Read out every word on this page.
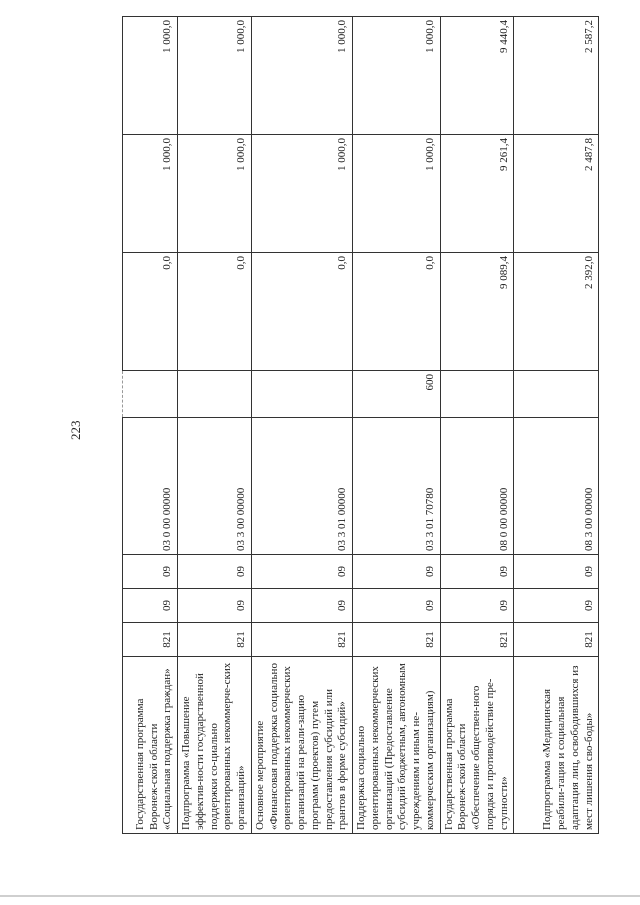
223
Государственная программа Воронеж-ской области «Социальная поддержка граждан»	821	09	09	03 0 00 00000		0,0	1 000,0	1 000,0
Подпрограмма «Повышение эффектив-ности государственной поддержки со-циально ориентированных некоммерче-ских организаций»	821	09	09	03 3 00 00000		0,0	1 000,0	1 000,0
Основное мероприятие «Финансовая поддержка социально ориентированных некоммерческих организаций на реали-зацию программ (проектов) путем предоставления субсидий или грантов в форме субсидий»	821	09	09	03 3 01 00000		0,0	1 000,0	1 000,0
Поддержка социально ориентированных некоммерческих организаций (Предоставление субсидий бюджетным, автономным учреждениям и иным не-коммерческим организациям)	821	09	09	03 3 01 70780	600	0,0	1 000,0	1 000,0
Государственная программа Воронеж-ской области «Обеспечение обществен-ного порядка и противодействие пре-ступности»	821	09	09	08 0 00 00000		9 089,4	9 261,4	9 440,4
Подпрограмма «Медицинская реабили-тация и социальная адаптация лиц, освободившихся из мест лишения сво-боды»	821	09	09	08 3 00 00000		2 392,0	2 487,8	2 587,2
